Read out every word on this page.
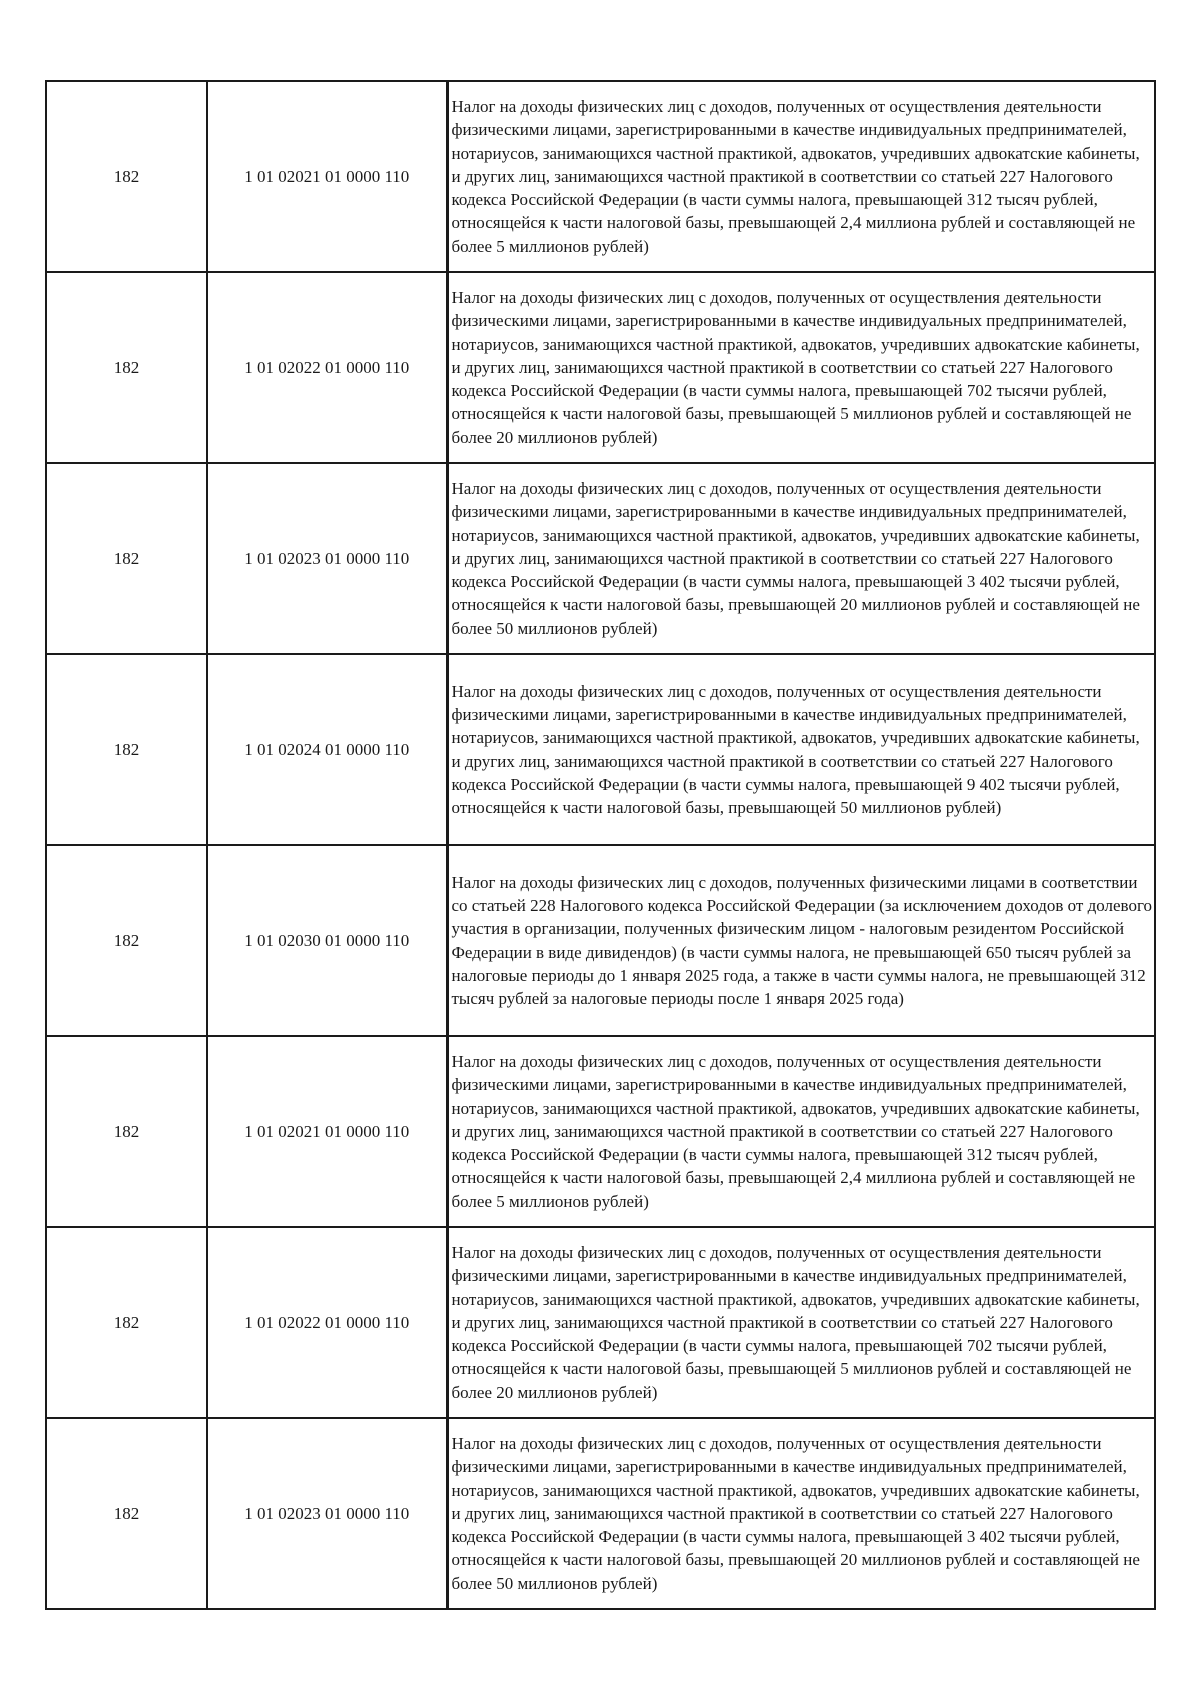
182	1 01 02021 01 0000 110	Налог на доходы физических лиц с доходов, полученных от осуществления деятельности физическими лицами, зарегистрированными в качестве индивидуальных предпринимателей, нотариусов, занимающихся частной практикой, адвокатов, учредивших адвокатские кабинеты, и других лиц, занимающихся частной практикой в соответствии со статьей 227 Налогового кодекса Российской Федерации (в части суммы налога, превышающей 312 тысяч рублей, относящейся к части налоговой базы, превышающей 2,4 миллиона рублей и составляющей не более 5 миллионов рублей)
182	1 01 02022 01 0000 110	Налог на доходы физических лиц с доходов, полученных от осуществления деятельности физическими лицами, зарегистрированными в качестве индивидуальных предпринимателей, нотариусов, занимающихся частной практикой, адвокатов, учредивших адвокатские кабинеты, и других лиц, занимающихся частной практикой в соответствии со статьей 227 Налогового кодекса Российской Федерации (в части суммы налога, превышающей 702 тысячи рублей, относящейся к части налоговой базы, превышающей 5 миллионов рублей и составляющей не более 20 миллионов рублей)
182	1 01 02023 01 0000 110	Налог на доходы физических лиц с доходов, полученных от осуществления деятельности физическими лицами, зарегистрированными в качестве индивидуальных предпринимателей, нотариусов, занимающихся частной практикой, адвокатов, учредивших адвокатские кабинеты, и других лиц, занимающихся частной практикой в соответствии со статьей 227 Налогового кодекса Российской Федерации (в части суммы налога, превышающей 3 402 тысячи рублей, относящейся к части налоговой базы, превышающей 20 миллионов рублей и составляющей не более 50 миллионов рублей)
182	1 01 02024 01 0000 110	Налог на доходы физических лиц с доходов, полученных от осуществления деятельности физическими лицами, зарегистрированными в качестве индивидуальных предпринимателей, нотариусов, занимающихся частной практикой, адвокатов, учредивших адвокатские кабинеты, и других лиц, занимающихся частной практикой в соответствии со статьей 227 Налогового кодекса Российской Федерации (в части суммы налога, превышающей 9 402 тысячи рублей, относящейся к части налоговой базы, превышающей 50 миллионов рублей)
182	1 01 02030 01 0000 110	Налог на доходы физических лиц с доходов, полученных физическими лицами в соответствии со статьей 228 Налогового кодекса Российской Федерации (за исключением доходов от долевого участия в организации, полученных физическим лицом - налоговым резидентом Российской Федерации в виде дивидендов) (в части суммы налога, не превышающей 650 тысяч рублей за налоговые периоды до 1 января 2025 года, а также в части суммы налога, не превышающей 312 тысяч рублей за налоговые периоды после 1 января 2025 года)
182	1 01 02021 01 0000 110	Налог на доходы физических лиц с доходов, полученных от осуществления деятельности физическими лицами, зарегистрированными в качестве индивидуальных предпринимателей, нотариусов, занимающихся частной практикой, адвокатов, учредивших адвокатские кабинеты, и других лиц, занимающихся частной практикой в соответствии со статьей 227 Налогового кодекса Российской Федерации (в части суммы налога, превышающей 312 тысяч рублей, относящейся к части налоговой базы, превышающей 2,4 миллиона рублей и составляющей не более 5 миллионов рублей)
182	1 01 02022 01 0000 110	Налог на доходы физических лиц с доходов, полученных от осуществления деятельности физическими лицами, зарегистрированными в качестве индивидуальных предпринимателей, нотариусов, занимающихся частной практикой, адвокатов, учредивших адвокатские кабинеты, и других лиц, занимающихся частной практикой в соответствии со статьей 227 Налогового кодекса Российской Федерации (в части суммы налога, превышающей 702 тысячи рублей, относящейся к части налоговой базы, превышающей 5 миллионов рублей и составляющей не более 20 миллионов рублей)
182	1 01 02023 01 0000 110	Налог на доходы физических лиц с доходов, полученных от осуществления деятельности физическими лицами, зарегистрированными в качестве индивидуальных предпринимателей, нотариусов, занимающихся частной практикой, адвокатов, учредивших адвокатские кабинеты, и других лиц, занимающихся частной практикой в соответствии со статьей 227 Налогового кодекса Российской Федерации (в части суммы налога, превышающей 3 402 тысячи рублей, относящейся к части налоговой базы, превышающей 20 миллионов рублей и составляющей не более 50 миллионов рублей)
